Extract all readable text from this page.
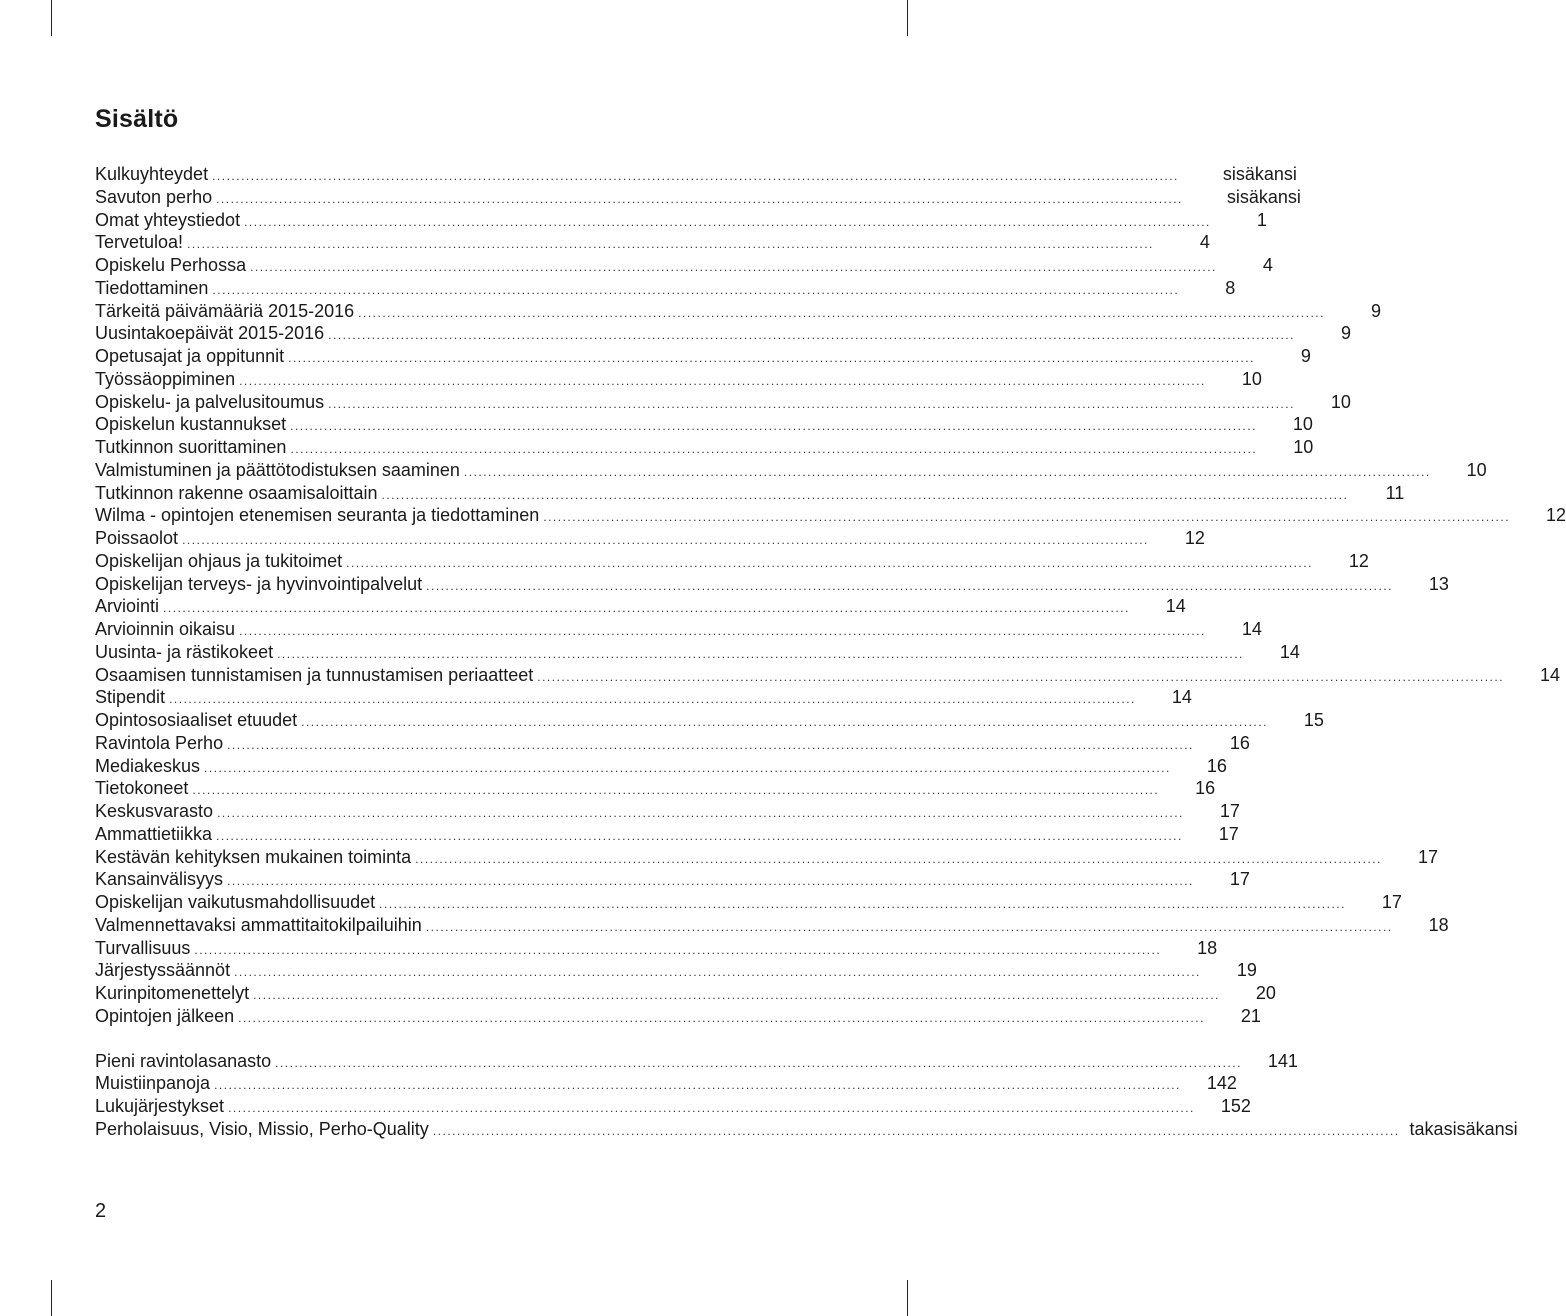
Sisältö
Kulkuyhteydet ........................................................................................................................................................................................................	sisäkansi
Savuton perho ........................................................................................................................................................................................................	sisäkansi
Omat yhteystiedot ........................................................................................................................................................................................................	1
Tervetuloa! ........................................................................................................................................................................................................	4
Opiskelu Perhossa ........................................................................................................................................................................................................	4
Tiedottaminen ........................................................................................................................................................................................................	8
Tärkeitä päivämääriä 2015-2016 ........................................................................................................................................................................................................	9
Uusintakoepäivät 2015-2016 ........................................................................................................................................................................................................	9
Opetusajat ja oppitunnit ........................................................................................................................................................................................................	9
Työssäoppiminen ........................................................................................................................................................................................................	10
Opiskelu- ja palvelusitoumus ........................................................................................................................................................................................................	10
Opiskelun kustannukset ........................................................................................................................................................................................................	10
Tutkinnon suorittaminen ........................................................................................................................................................................................................	10
Valmistuminen ja päättötodistuksen saaminen ........................................................................................................................................................................................................	10
Tutkinnon rakenne osaamisaloittain ........................................................................................................................................................................................................	11
Wilma - opintojen etenemisen seuranta ja tiedottaminen ........................................................................................................................................................................................................	12
Poissaolot ........................................................................................................................................................................................................	12
Opiskelijan ohjaus ja tukitoimet ........................................................................................................................................................................................................	12
Opiskelijan terveys- ja hyvinvointipalvelut ........................................................................................................................................................................................................	13
Arviointi ........................................................................................................................................................................................................	14
Arvioinnin oikaisu ........................................................................................................................................................................................................	14
Uusinta- ja rästikokeet ........................................................................................................................................................................................................	14
Osaamisen tunnistamisen ja tunnustamisen periaatteet ........................................................................................................................................................................................................	14
Stipendit ........................................................................................................................................................................................................	14
Opintososiaaliset etuudet ........................................................................................................................................................................................................	15
Ravintola Perho ........................................................................................................................................................................................................	16
Mediakeskus ........................................................................................................................................................................................................	16
Tietokoneet ........................................................................................................................................................................................................	16
Keskusvarasto ........................................................................................................................................................................................................	17
Ammattietiikka ........................................................................................................................................................................................................	17
Kestävän kehityksen mukainen toiminta ........................................................................................................................................................................................................	17
Kansainvälisyys ........................................................................................................................................................................................................	17
Opiskelijan vaikutusmahdollisuudet ........................................................................................................................................................................................................	17
Valmennettavaksi ammattitaitokilpailuihin ........................................................................................................................................................................................................	18
Turvallisuus ........................................................................................................................................................................................................	18
Järjestyssäännöt ........................................................................................................................................................................................................	19
Kurinpitomenettelyt ........................................................................................................................................................................................................	20
Opintojen jälkeen ........................................................................................................................................................................................................	21
Pieni ravintolasanasto ........................................................................................................................................................................................................	141
Muistiinpanoja ........................................................................................................................................................................................................	142
Lukujärjestykset ........................................................................................................................................................................................................	152
Perholaisuus, Visio, Missio, Perho-Quality ........................................................................................................................................................................................................ takasisäkansi
2
